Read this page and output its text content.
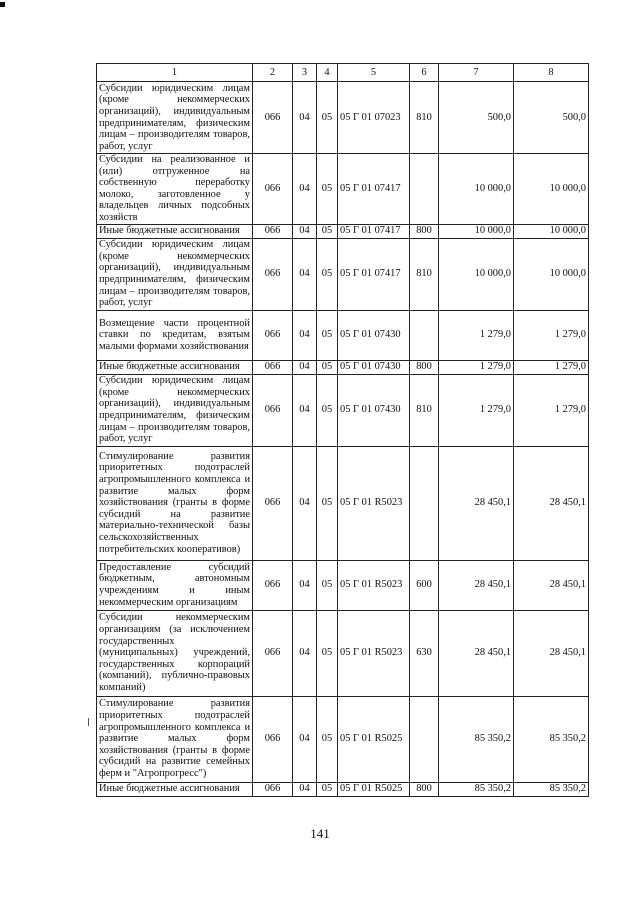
1	2	3	4	5	6	7	8
Субсидии юридическим лицам (кроме некоммерческих организаций), индивидуальным предпринимателям, физическим лицам – производителям товаров, работ, услуг	066	04	05	05 Г 01 07023	810	500,0	500,0
Субсидии на реализованное и (или) отгруженное на собственную переработку молоко, заготовленное у владельцев личных подсобных хозяйств	066	04	05	05 Г 01 07417		10 000,0	10 000,0
Иные бюджетные ассигнования	066	04	05	05 Г 01 07417	800	10 000,0	10 000,0
Субсидии юридическим лицам (кроме некоммерческих организаций), индивидуальным предпринимателям, физическим лицам – производителям товаров, работ, услуг	066	04	05	05 Г 01 07417	810	10 000,0	10 000,0
Возмещение части процентной ставки по кредитам, взятым малыми формами хозяйствования	066	04	05	05 Г 01 07430		1 279,0	1 279,0
Иные бюджетные ассигнования	066	04	05	05 Г 01 07430	800	1 279,0	1 279,0
Субсидии юридическим лицам (кроме некоммерческих организаций), индивидуальным предпринимателям, физическим лицам – производителям товаров, работ, услуг	066	04	05	05 Г 01 07430	810	1 279,0	1 279,0
Стимулирование развития приоритетных подотраслей агропромышленного комплекса и развитие малых форм хозяйствования (гранты в форме субсидий на развитие материально-технической базы сельскохозяйственных потребительских кооперативов)	066	04	05	05 Г 01 R5023		28 450,1	28 450,1
Предоставление субсидий бюджетным, автономным учреждениям и иным некоммерческим организациям	066	04	05	05 Г 01 R5023	600	28 450,1	28 450,1
Субсидии некоммерческим организациям (за исключением государственных (муниципальных) учреждений, государственных корпораций (компаний), публично-правовых компаний)	066	04	05	05 Г 01 R5023	630	28 450,1	28 450,1
Стимулирование развития приоритетных подотраслей агропромышленного комплекса и развитие малых форм хозяйствования (гранты в форме субсидий на развитие семейных ферм и "Агропрогресс")	066	04	05	05 Г 01 R5025		85 350,2	85 350,2
Иные бюджетные ассигнования	066	04	05	05 Г 01 R5025	800	85 350,2	85 350,2
141
